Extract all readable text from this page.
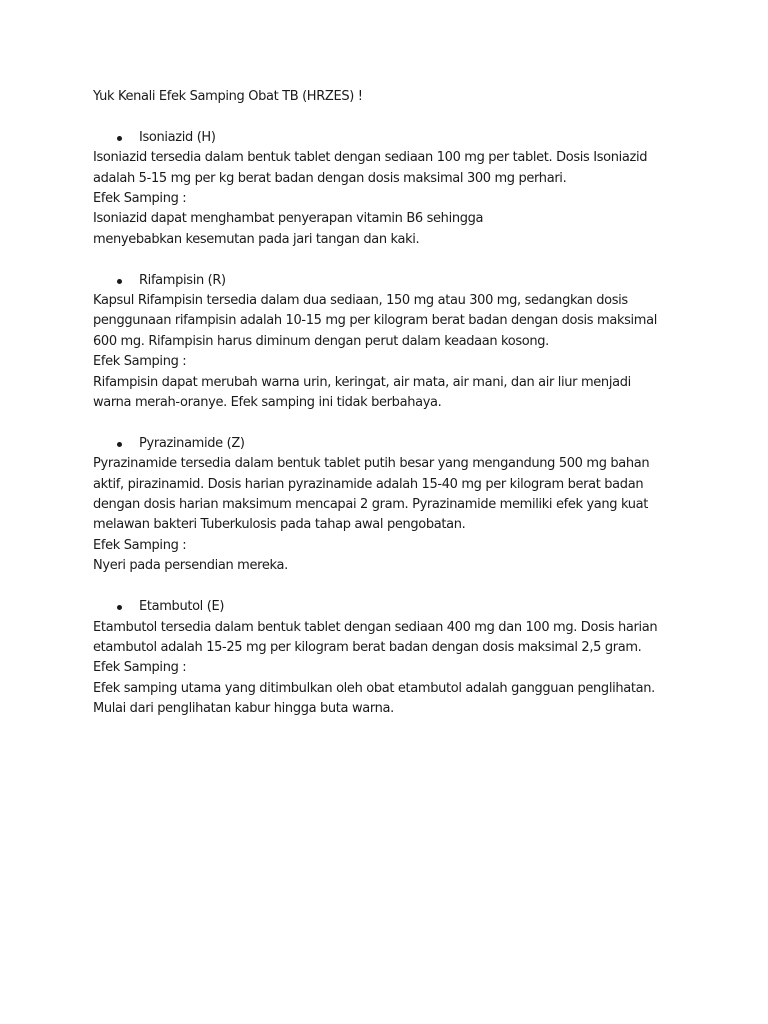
Yuk Kenali Efek Samping Obat TB (HRZES) !
Isoniazid (H)
Isoniazid tersedia dalam bentuk tablet dengan sediaan 100 mg per tablet. Dosis Isoniazid
adalah 5-15 mg per kg berat badan dengan dosis maksimal 300 mg perhari.
Efek Samping :
Isoniazid dapat menghambat penyerapan vitamin B6 sehingga
menyebabkan kesemutan pada jari tangan dan kaki.
Rifampisin (R)
Kapsul Rifampisin tersedia dalam dua sediaan, 150 mg atau 300 mg, sedangkan dosis
penggunaan rifampisin adalah 10-15 mg per kilogram berat badan dengan dosis maksimal
600 mg. Rifampisin harus diminum dengan perut dalam keadaan kosong.
Efek Samping :
Rifampisin dapat merubah warna urin, keringat, air mata, air mani, dan air liur menjadi
warna merah-oranye. Efek samping ini tidak berbahaya.
Pyrazinamide (Z)
Pyrazinamide tersedia dalam bentuk tablet putih besar yang mengandung 500 mg bahan
aktif, pirazinamid. Dosis harian pyrazinamide adalah 15-40 mg per kilogram berat badan
dengan dosis harian maksimum mencapai 2 gram. Pyrazinamide memiliki efek yang kuat
melawan bakteri Tuberkulosis pada tahap awal pengobatan.
Efek Samping :
Nyeri pada persendian mereka.
Etambutol (E)
Etambutol tersedia dalam bentuk tablet dengan sediaan 400 mg dan 100 mg. Dosis harian
etambutol adalah 15-25 mg per kilogram berat badan dengan dosis maksimal 2,5 gram.
Efek Samping :
Efek samping utama yang ditimbulkan oleh obat etambutol adalah gangguan penglihatan.
Mulai dari penglihatan kabur hingga buta warna.
